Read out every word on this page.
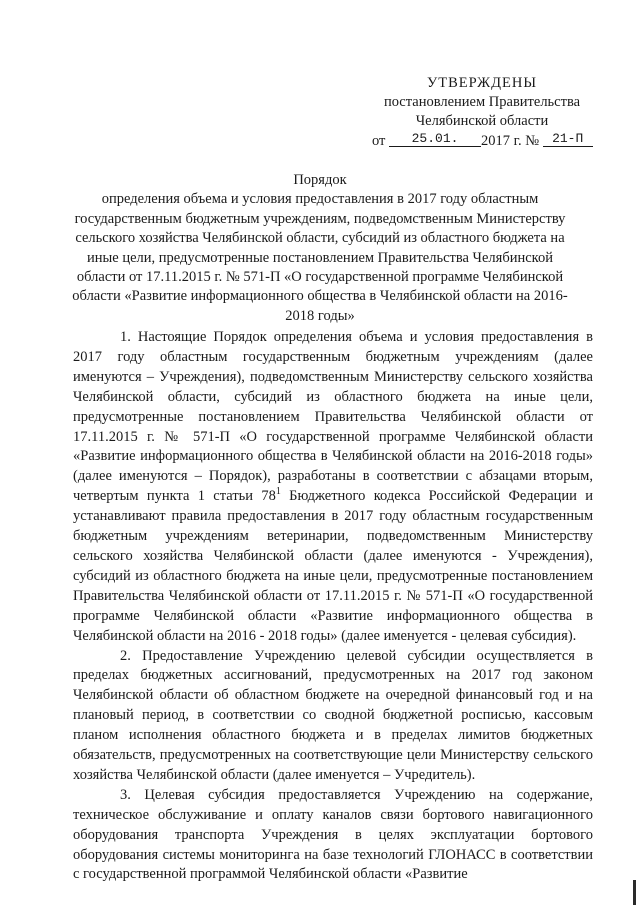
УТВЕРЖДЕНЫ
постановлением Правительства
Челябинской области
от 25.01. 2017 г. № 21-П
Порядок
определения объема и условия предоставления в 2017 году областным государственным бюджетным учреждениям, подведомственным Министерству сельского хозяйства Челябинской области, субсидий из областного бюджета на иные цели, предусмотренные постановлением Правительства Челябинской области от 17.11.2015 г. № 571-П «О государственной программе Челябинской области «Развитие информационного общества в Челябинской области на 2016-2018 годы»

1. Настоящие Порядок определения объема и условия предоставления в 2017 году областным государственным бюджетным учреждениям (далее именуются – Учреждения), подведомственным Министерству сельского хозяйства Челябинской области, субсидий из областного бюджета на иные цели, предусмотренные постановлением Правительства Челябинской области от 17.11.2015 г. № 571-П «О государственной программе Челябинской области «Развитие информационного общества в Челябинской области на 2016-2018 годы» (далее именуются – Порядок), разработаны в соответствии с абзацами вторым, четвертым пункта 1 статьи $78^1$ Бюджетного кодекса Российской Федерации и устанавливают правила предоставления в 2017 году областным государственным бюджетным учреждениям ветеринарии, подведомственным Министерству сельского хозяйства Челябинской области (далее именуются - Учреждения), субсидий из областного бюджета на иные цели, предусмотренные постановлением Правительства Челябинской области от 17.11.2015 г. № 571-П «О государственной программе Челябинской области «Развитие информационного общества в Челябинской области на 2016 - 2018 годы» (далее именуется - целевая субсидия).

2. Предоставление Учреждению целевой субсидии осуществляется в пределах бюджетных ассигнований, предусмотренных на 2017 год законом Челябинской области об областном бюджете на очередной финансовый год и на плановый период, в соответствии со сводной бюджетной росписью, кассовым планом исполнения областного бюджета и в пределах лимитов бюджетных обязательств, предусмотренных на соответствующие цели Министерству сельского хозяйства Челябинской области (далее именуется – Учредитель).

3. Целевая субсидия предоставляется Учреждению на содержание, техническое обслуживание и оплату каналов связи бортового навигационного оборудования транспорта Учреждения в целях эксплуатации бортового оборудования системы мониторинга на базе технологий ГЛОНАСС в соответствии с государственной программой Челябинской области «Развитие
